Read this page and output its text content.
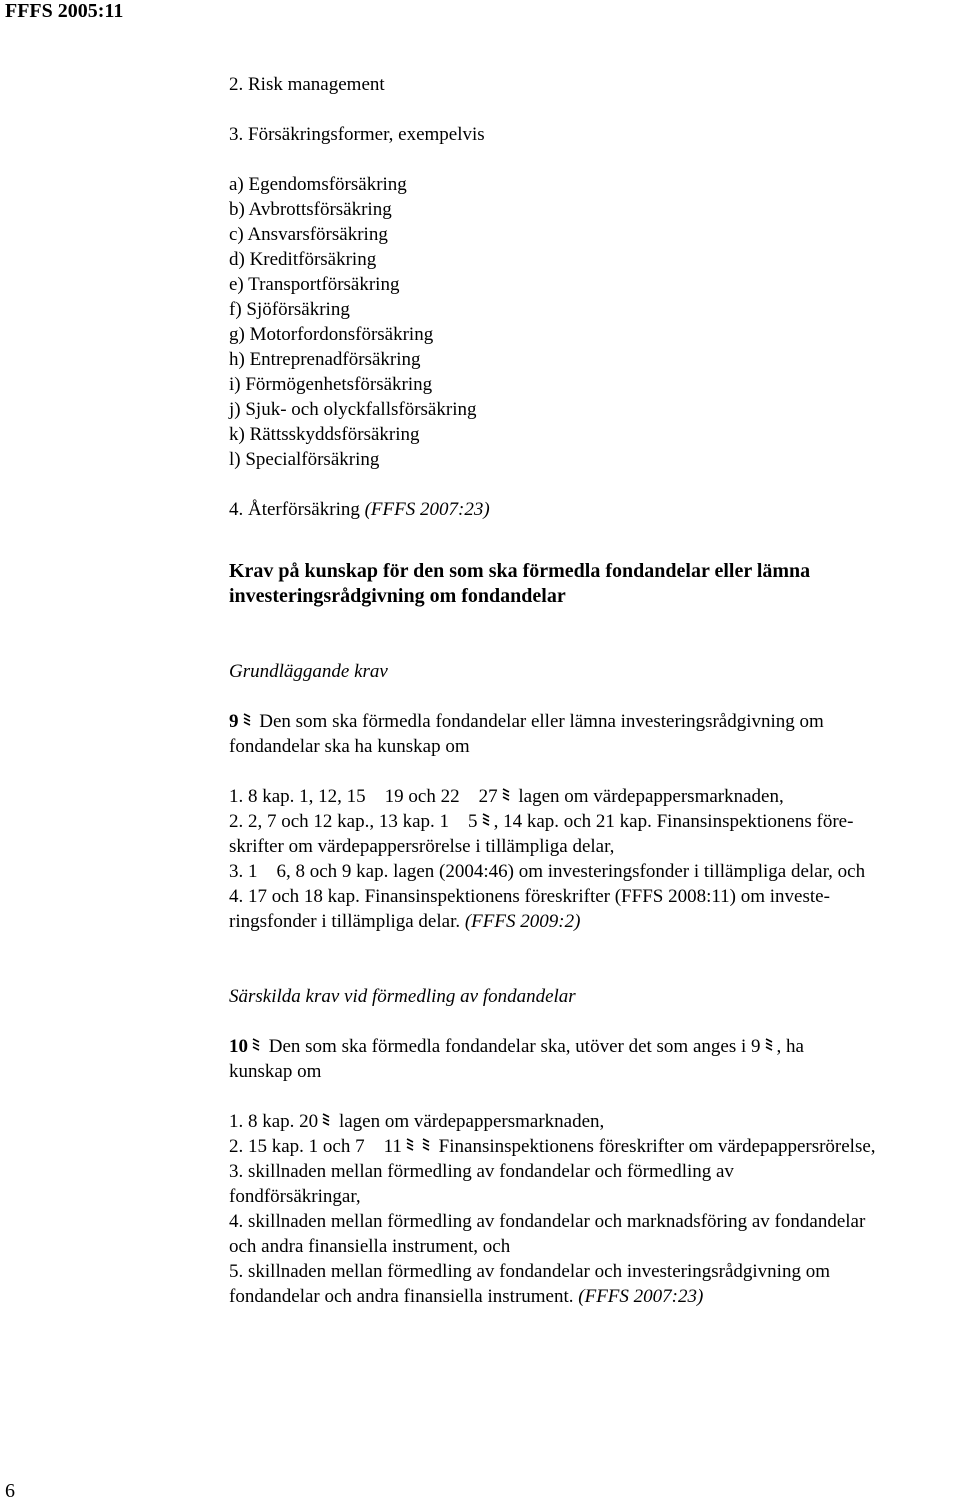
FFFS 2005:11
2. Risk management
3. Försäkringsformer, exempelvis
a) Egendomsförsäkring
b) Avbrottsförsäkring
c) Ansvarsförsäkring
d) Kreditförsäkring
e) Transportförsäkring
f) Sjöförsäkring
g) Motorfordonsförsäkring
h) Entreprenadförsäkring
i) Förmögenhetsförsäkring
j) Sjuk- och olyckfallsförsäkring
k) Rättsskyddsförsäkring
l) Specialförsäkring
4. Återförsäkring (FFFS 2007:23)
Krav på kunskap för den som ska förmedla fondandelar eller lämna
investeringsrådgivning om fondandelar
Grundläggande krav
9 Den som ska förmedla fondandelar eller lämna investeringsrådgivning om
fondandelar ska ha kunskap om
1. 8 kap. 1, 12, 15 19 och 22 27 lagen om värdepappersmarknaden,
2. 2, 7 och 12 kap., 13 kap. 1 5 , 14 kap. och 21 kap. Finansinspektionens före-
skrifter om värdepappersrörelse i tillämpliga delar,
3. 1 6, 8 och 9 kap. lagen (2004:46) om investeringsfonder i tillämpliga delar, och
4. 17 och 18 kap. Finansinspektionens föreskrifter (FFFS 2008:11) om investe-
ringsfonder i tillämpliga delar. (FFFS 2009:2)
Särskilda krav vid förmedling av fondandelar
10 Den som ska förmedla fondandelar ska, utöver det som anges i 9 , ha
kunskap om
1. 8 kap. 20 lagen om värdepappersmarknaden,
2. 15 kap. 1 och 7 11 Finansinspektionens föreskrifter om värdepappersrörelse,
3. skillnaden mellan förmedling av fondandelar och förmedling av
fondförsäkringar,
4. skillnaden mellan förmedling av fondandelar och marknadsföring av fondandelar
och andra finansiella instrument, och
5. skillnaden mellan förmedling av fondandelar och investeringsrådgivning om
fondandelar och andra finansiella instrument. (FFFS 2007:23)
6
